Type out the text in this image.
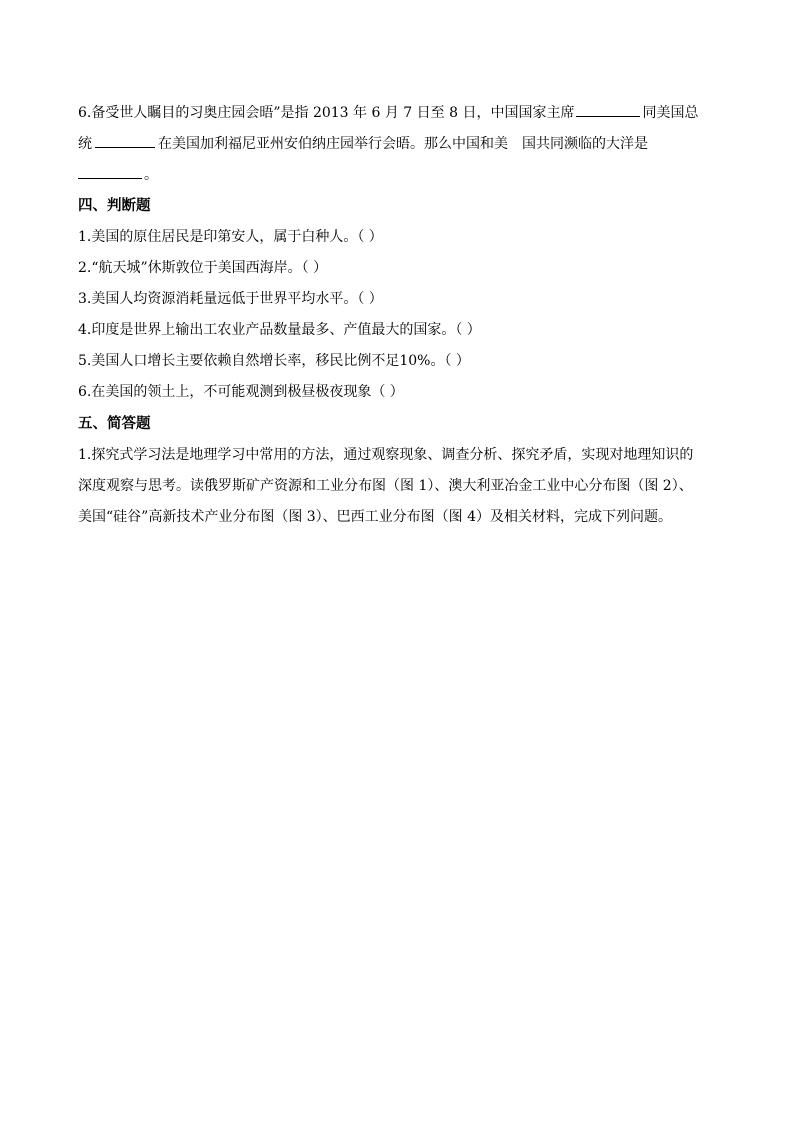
6.备受世人瞩目的习奥庄园会晤”是指 2013 年 6 月 7 日至 8 日，中国国家主席	同美国总
统	在美国加利福尼亚州安伯纳庄园举行会晤。那么中国和美　国共同濒临的大洋是
。
四、判断题
1.美国的原住居民是印第安人，属于白种人。（ ）
2.“航天城”休斯敦位于美国西海岸。（ ）
3.美国人均资源消耗量远低于世界平均水平。（ ）
4.印度是世界上输出工农业产品数量最多、产值最大的国家。（ ）
5.美国人口增长主要依赖自然增长率，移民比例不足10%。（ ）
6.在美国的领土上，不可能观测到极昼极夜现象（ ）
五、简答题
1.探究式学习法是地理学习中常用的方法，通过观察现象、调查分析、探究矛盾，实现对地理知识的
深度观察与思考。读俄罗斯矿产资源和工业分布图（图 1）、澳大利亚冶金工业中心分布图（图 2）、
美国“硅谷”高新技术产业分布图（图 3）、巴西工业分布图（图 4）及相关材料，完成下列问题。
